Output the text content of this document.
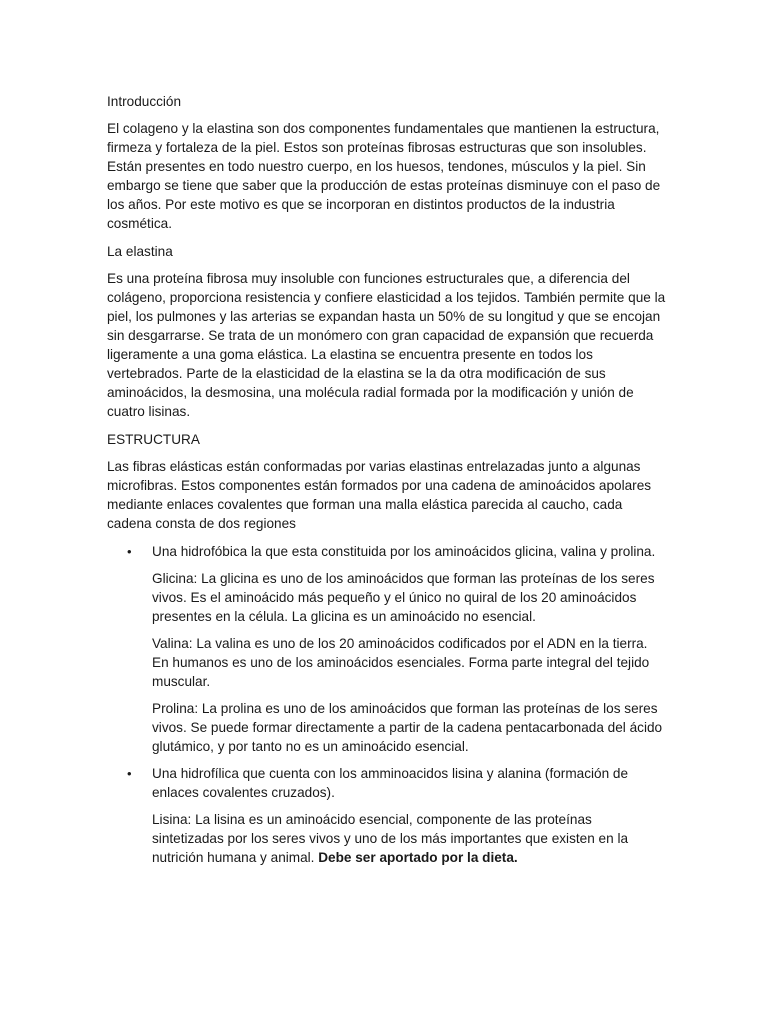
Introducción

El colageno y la elastina son dos componentes fundamentales que mantienen la estructura, firmeza y fortaleza de la piel. Estos son proteínas fibrosas estructuras que son insolubles. Están presentes en todo nuestro cuerpo, en los huesos, tendones, músculos y la piel. Sin embargo se tiene que saber que la producción de estas proteínas disminuye con el paso de los años. Por este motivo es que se incorporan en distintos productos de la industria cosmética.

La elastina

Es una proteína fibrosa muy insoluble con funciones estructurales que, a diferencia del colágeno, proporciona resistencia y confiere elasticidad a los tejidos. También permite que la piel, los pulmones y las arterias se expandan hasta un 50% de su longitud y que se encojan sin desgarrarse. Se trata de un monómero con gran capacidad de expansión que recuerda ligeramente a una goma elástica. La elastina se encuentra presente en todos los vertebrados. Parte de la elasticidad de la elastina se la da otra modificación de sus aminoácidos, la desmosina, una molécula radial formada por la modificación y unión de cuatro lisinas.

ESTRUCTURA

Las fibras elásticas están conformadas por varias elastinas entrelazadas junto a algunas microfibras. Estos componentes están formados por una cadena de aminoácidos apolares mediante enlaces covalentes que forman una malla elástica parecida al caucho, cada cadena consta de dos regiones

• Una hidrofóbica la que esta constituida por los aminoácidos glicina, valina y prolina.

Glicina: La glicina es uno de los aminoácidos que forman las proteínas de los seres vivos. Es el aminoácido más pequeño y el único no quiral de los 20 aminoácidos presentes en la célula. La glicina es un aminoácido no esencial.

Valina: La valina es uno de los 20 aminoácidos codificados por el ADN en la tierra. En humanos es uno de los aminoácidos esenciales. Forma parte integral del tejido muscular.

Prolina: La prolina es uno de los aminoácidos que forman las proteínas de los seres vivos. Se puede formar directamente a partir de la cadena pentacarbonada del ácido glutámico, y por tanto no es un aminoácido esencial.

• Una hidrofílica que cuenta con los amminoacidos lisina y alanina (formación de enlaces covalentes cruzados).

Lisina: La lisina es un aminoácido esencial, componente de las proteínas sintetizadas por los seres vivos y uno de los más importantes que existen en la nutrición humana y animal. Debe ser aportado por la dieta.
